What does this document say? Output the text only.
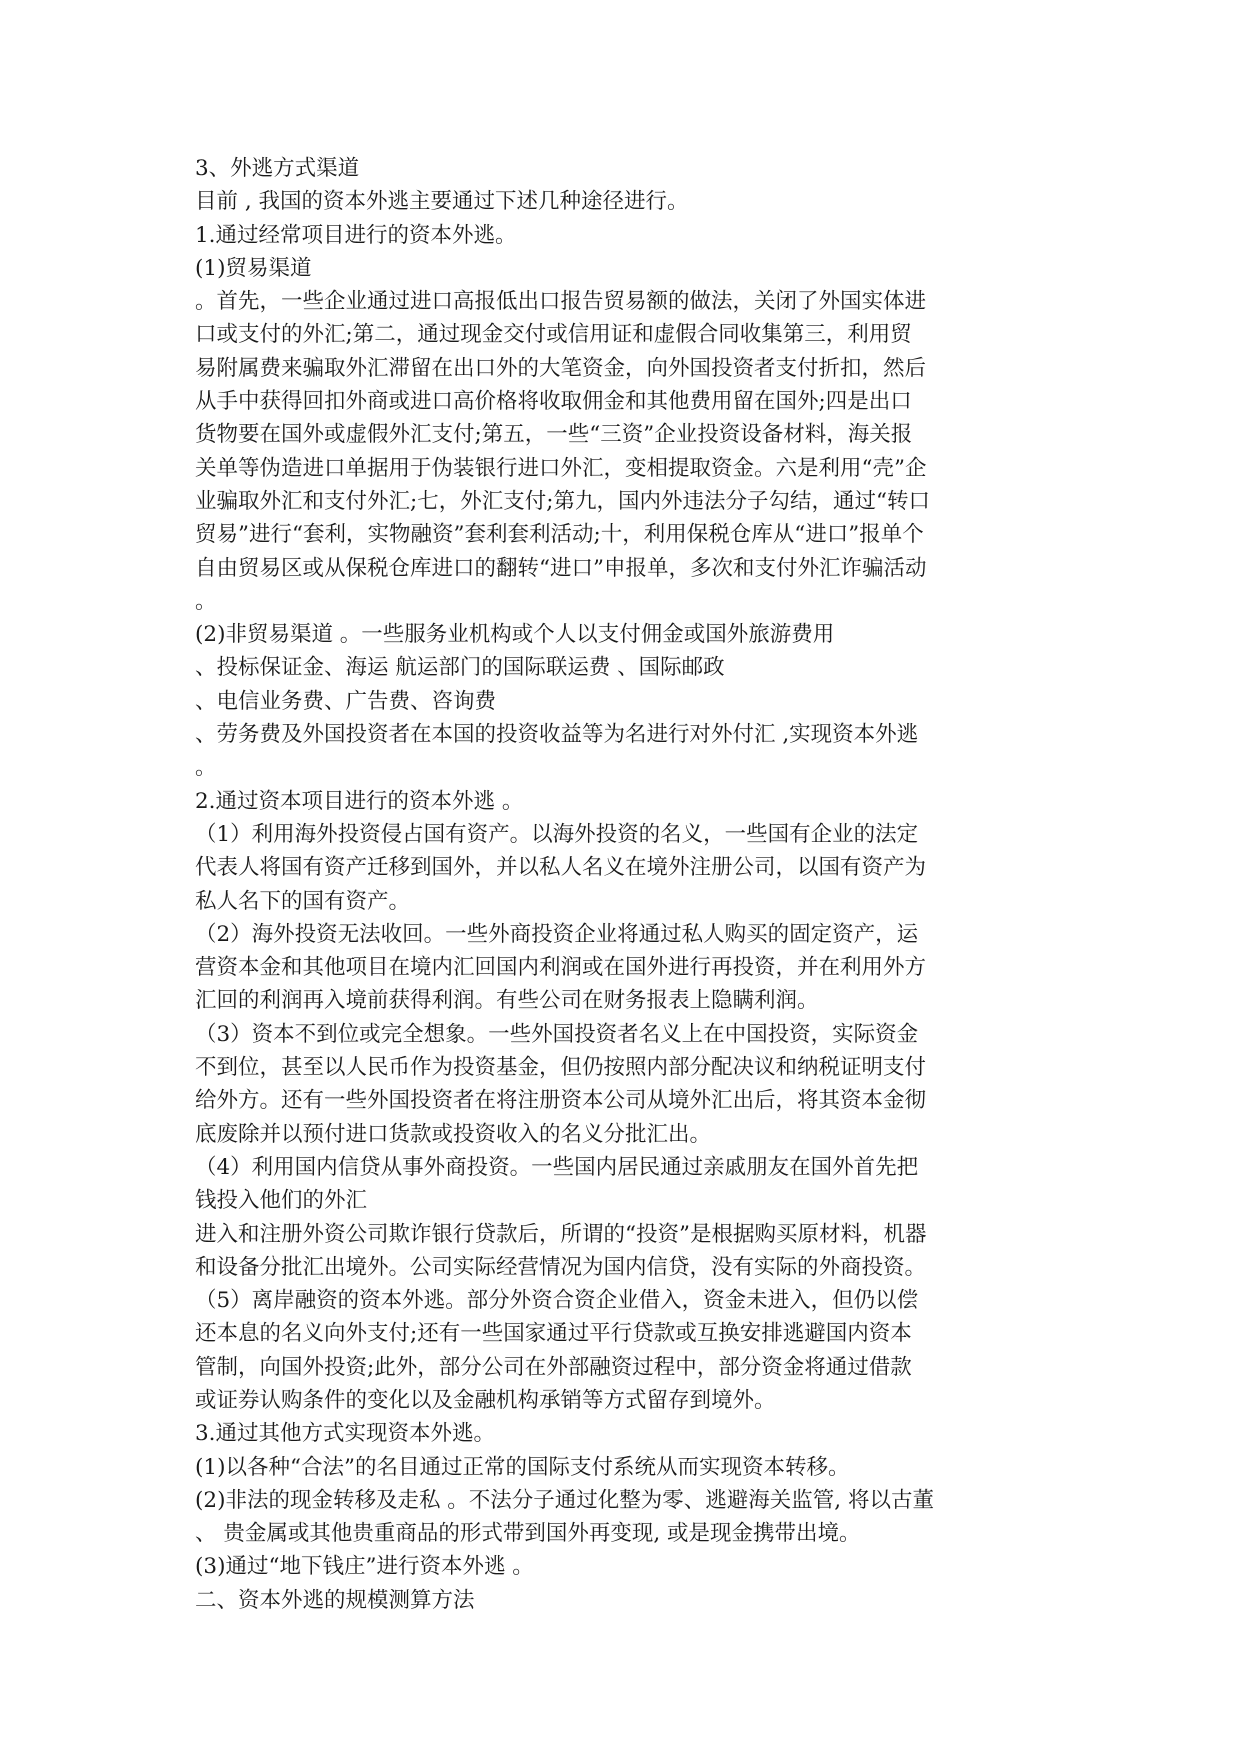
3、外逃方式渠道
目前 , 我国的资本外逃主要通过下述几种途径进行。
1.通过经常项目进行的资本外逃。
(1)贸易渠道
。首先，一些企业通过进口高报低出口报告贸易额的做法，关闭了外国实体进
口或支付的外汇;第二，通过现金交付或信用证和虚假合同收集第三，利用贸
易附属费来骗取外汇滞留在出口外的大笔资金，向外国投资者支付折扣，然后
从手中获得回扣外商或进口高价格将收取佣金和其他费用留在国外;四是出口
货物要在国外或虚假外汇支付;第五，一些“三资”企业投资设备材料，海关报
关单等伪造进口单据用于伪装银行进口外汇，变相提取资金。六是利用“壳”企
业骗取外汇和支付外汇;七，外汇支付;第九，国内外违法分子勾结，通过“转口
贸易”进行“套利，实物融资”套利套利活动;十，利用保税仓库从“进口”报单个
自由贸易区或从保税仓库进口的翻转“进口”申报单，多次和支付外汇诈骗活动
。
(2)非贸易渠道 。一些服务业机构或个人以支付佣金或国外旅游费用
、投标保证金、海运 航运部门的国际联运费 、国际邮政
、电信业务费、广告费、咨询费
、劳务费及外国投资者在本国的投资收益等为名进行对外付汇 ,实现资本外逃
。
2.通过资本项目进行的资本外逃 。
（1）利用海外投资侵占国有资产。以海外投资的名义，一些国有企业的法定
代表人将国有资产迁移到国外，并以私人名义在境外注册公司，以国有资产为
私人名下的国有资产。
（2）海外投资无法收回。一些外商投资企业将通过私人购买的固定资产，运
营资本金和其他项目在境内汇回国内利润或在国外进行再投资，并在利用外方
汇回的利润再入境前获得利润。有些公司在财务报表上隐瞒利润。
（3）资本不到位或完全想象。一些外国投资者名义上在中国投资，实际资金
不到位，甚至以人民币作为投资基金，但仍按照内部分配决议和纳税证明支付
给外方。还有一些外国投资者在将注册资本公司从境外汇出后，将其资本金彻
底废除并以预付进口货款或投资收入的名义分批汇出。
（4）利用国内信贷从事外商投资。一些国内居民通过亲戚朋友在国外首先把
钱投入他们的外汇
进入和注册外资公司欺诈银行贷款后，所谓的“投资”是根据购买原材料，机器
和设备分批汇出境外。公司实际经营情况为国内信贷，没有实际的外商投资。
（5）离岸融资的资本外逃。部分外资合资企业借入，资金未进入，但仍以偿
还本息的名义向外支付;还有一些国家通过平行贷款或互换安排逃避国内资本
管制，向国外投资;此外，部分公司在外部融资过程中，部分资金将通过借款
或证券认购条件的变化以及金融机构承销等方式留存到境外。
3.通过其他方式实现资本外逃。
(1)以各种“合法”的名目通过正常的国际支付系统从而实现资本转移。
(2)非法的现金转移及走私 。不法分子通过化整为零、逃避海关监管, 将以古董
、 贵金属或其他贵重商品的形式带到国外再变现, 或是现金携带出境。
(3)通过“地下钱庄”进行资本外逃 。
二、资本外逃的规模测算方法
